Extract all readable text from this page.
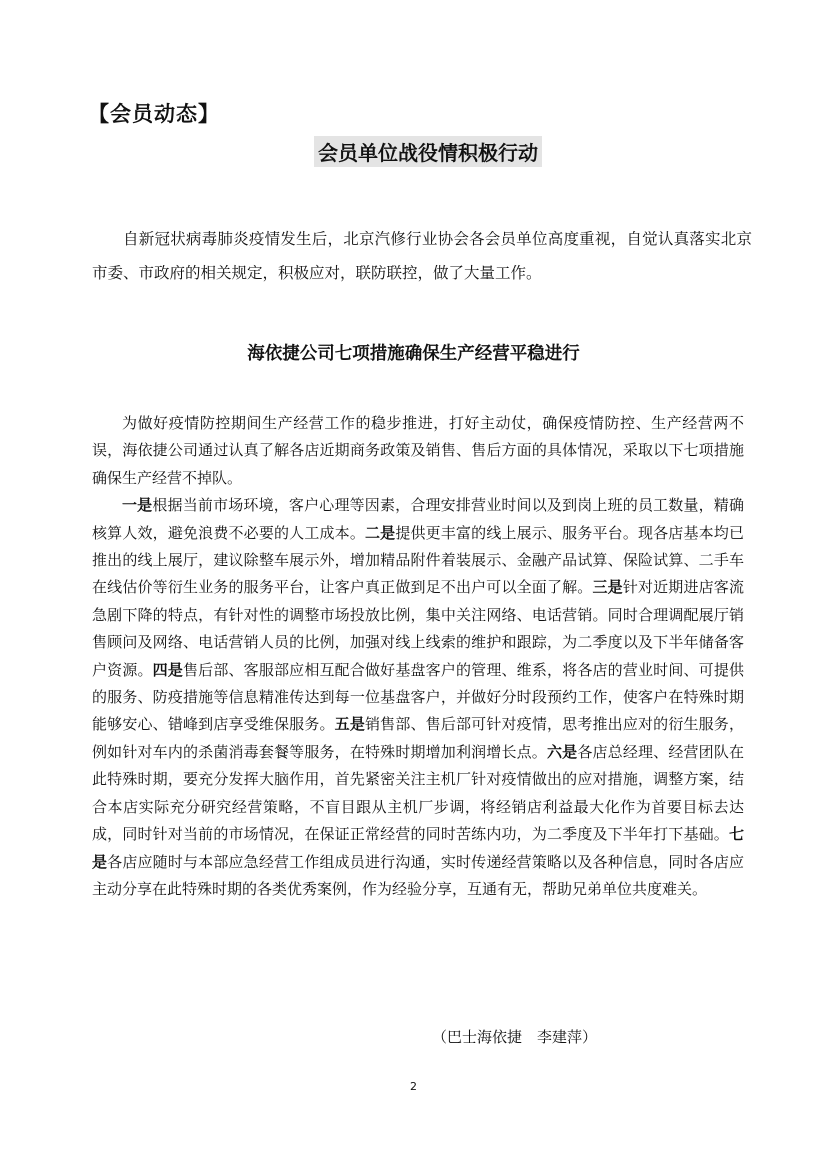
【会员动态】
会员单位战役情积极行动

自新冠状病毒肺炎疫情发生后，北京汽修行业协会各会员单位高度重视，自觉认真落实北京市委、市政府的相关规定，积极应对，联防联控，做了大量工作。

海依捷公司七项措施确保生产经营平稳进行

为做好疫情防控期间生产经营工作的稳步推进，打好主动仗，确保疫情防控、生产经营两不误，海依捷公司通过认真了解各店近期商务政策及销售、售后方面的具体情况，采取以下七项措施确保生产经营不掉队。

一是根据当前市场环境，客户心理等因素，合理安排营业时间以及到岗上班的员工数量，精确核算人效，避免浪费不必要的人工成本。二是提供更丰富的线上展示、服务平台。现各店基本均已推出的线上展厅，建议除整车展示外，增加精品附件着装展示、金融产品试算、保险试算、二手车在线估价等衍生业务的服务平台，让客户真正做到足不出户可以全面了解。三是针对近期进店客流急剧下降的特点，有针对性的调整市场投放比例，集中关注网络、电话营销。同时合理调配展厅销售顾问及网络、电话营销人员的比例，加强对线上线索的维护和跟踪，为二季度以及下半年储备客户资源。四是售后部、客服部应相互配合做好基盘客户的管理、维系，将各店的营业时间、可提供的服务、防疫措施等信息精准传达到每一位基盘客户，并做好分时段预约工作，使客户在特殊时期能够安心、错峰到店享受维保服务。五是销售部、售后部可针对疫情，思考推出应对的衍生服务，例如针对车内的杀菌消毒套餐等服务，在特殊时期增加利润增长点。六是各店总经理、经营团队在此特殊时期，要充分发挥大脑作用，首先紧密关注主机厂针对疫情做出的应对措施，调整方案，结合本店实际充分研究经营策略，不盲目跟从主机厂步调，将经销店利益最大化作为首要目标去达成，同时针对当前的市场情况，在保证正常经营的同时苦练内功，为二季度及下半年打下基础。七是各店应随时与本部应急经营工作组成员进行沟通，实时传递经营策略以及各种信息，同时各店应主动分享在此特殊时期的各类优秀案例，作为经验分享，互通有无，帮助兄弟单位共度难关。

（巴士海依捷　李建萍）
2
